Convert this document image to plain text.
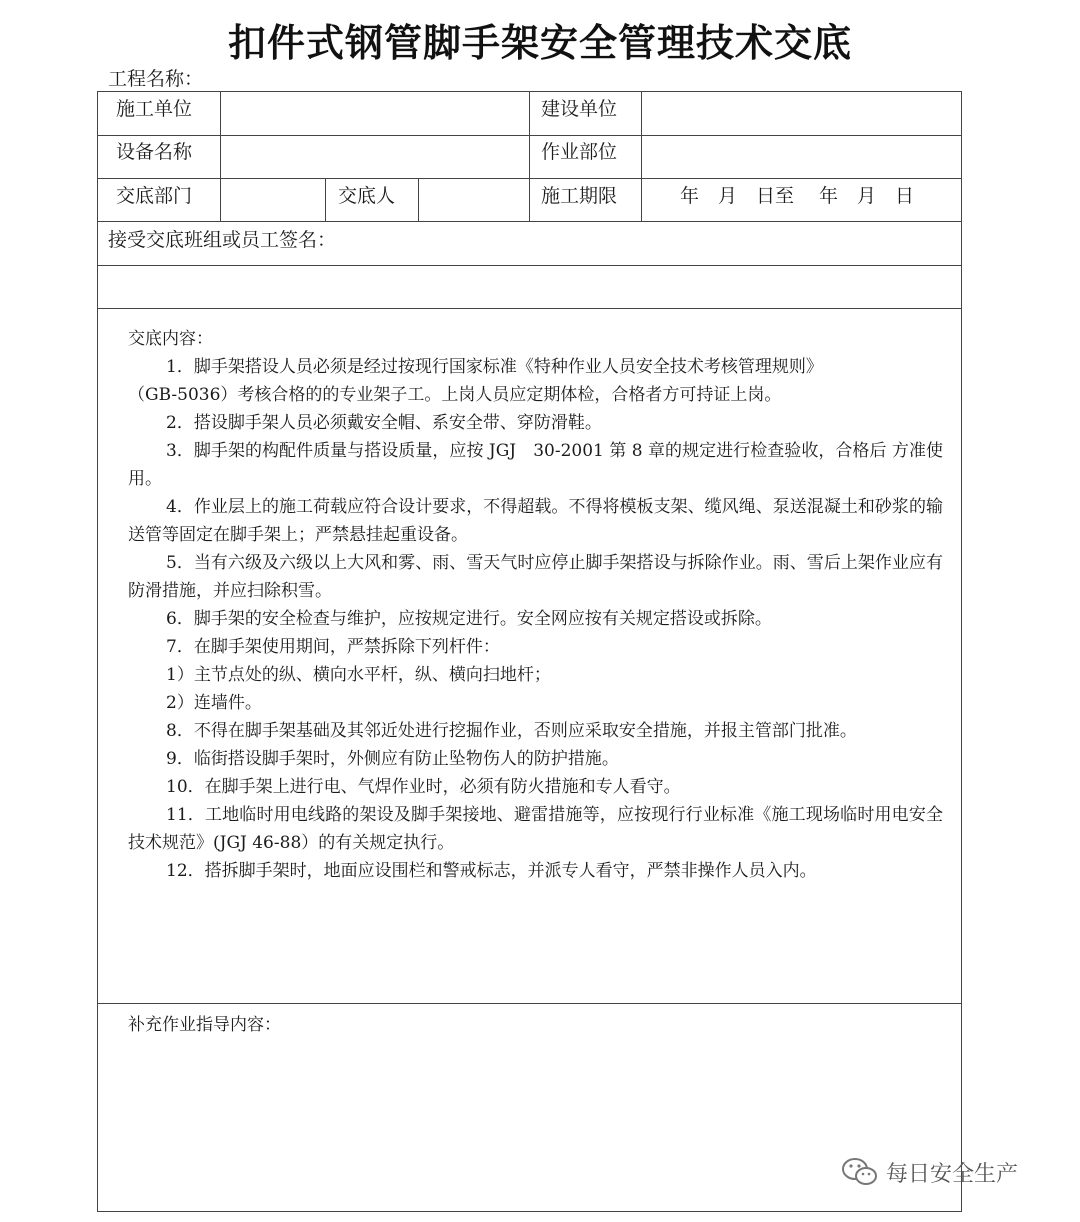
扣件式钢管脚手架安全管理技术交底
工程名称：
施工单位	建设单位
设备名称	作业部位
交底部门	交底人	施工期限	年　月　日至　 年　月　日
接受交底班组或员工签名：

交底内容：

1．脚手架搭设人员必须是经过按现行国家标准《特种作业人员安全技术考核管理规则》

（GB-5036）考核合格的的专业架子工。上岗人员应定期体检，合格者方可持证上岗。

2．搭设脚手架人员必须戴安全帽、系安全带、穿防滑鞋。

3．脚手架的构配件质量与搭设质量，应按 JGJ　30-2001 第 8 章的规定进行检查验收，合格后 方准使用。

4．作业层上的施工荷载应符合设计要求，不得超载。不得将模板支架、缆风绳、泵送混凝土和砂浆的输送管等固定在脚手架上；严禁悬挂起重设备。

5．当有六级及六级以上大风和雾、雨、雪天气时应停止脚手架搭设与拆除作业。雨、雪后上架作业应有防滑措施，并应扫除积雪。

6．脚手架的安全检查与维护，应按规定进行。安全网应按有关规定搭设或拆除。

7．在脚手架使用期间，严禁拆除下列杆件：

1）主节点处的纵、横向水平杆，纵、横向扫地杆；

2）连墙件。

8．不得在脚手架基础及其邻近处进行挖掘作业，否则应采取安全措施，并报主管部门批准。

9．临街搭设脚手架时，外侧应有防止坠物伤人的防护措施。

10．在脚手架上进行电、气焊作业时，必须有防火措施和专人看守。

11．工地临时用电线路的架设及脚手架接地、避雷措施等，应按现行行业标准《施工现场临时用电安全技术规范》(JGJ 46-88）的有关规定执行。

12．搭拆脚手架时，地面应设围栏和警戒标志，并派专人看守，严禁非操作人员入内。

补充作业指导内容：
每日安全生产
